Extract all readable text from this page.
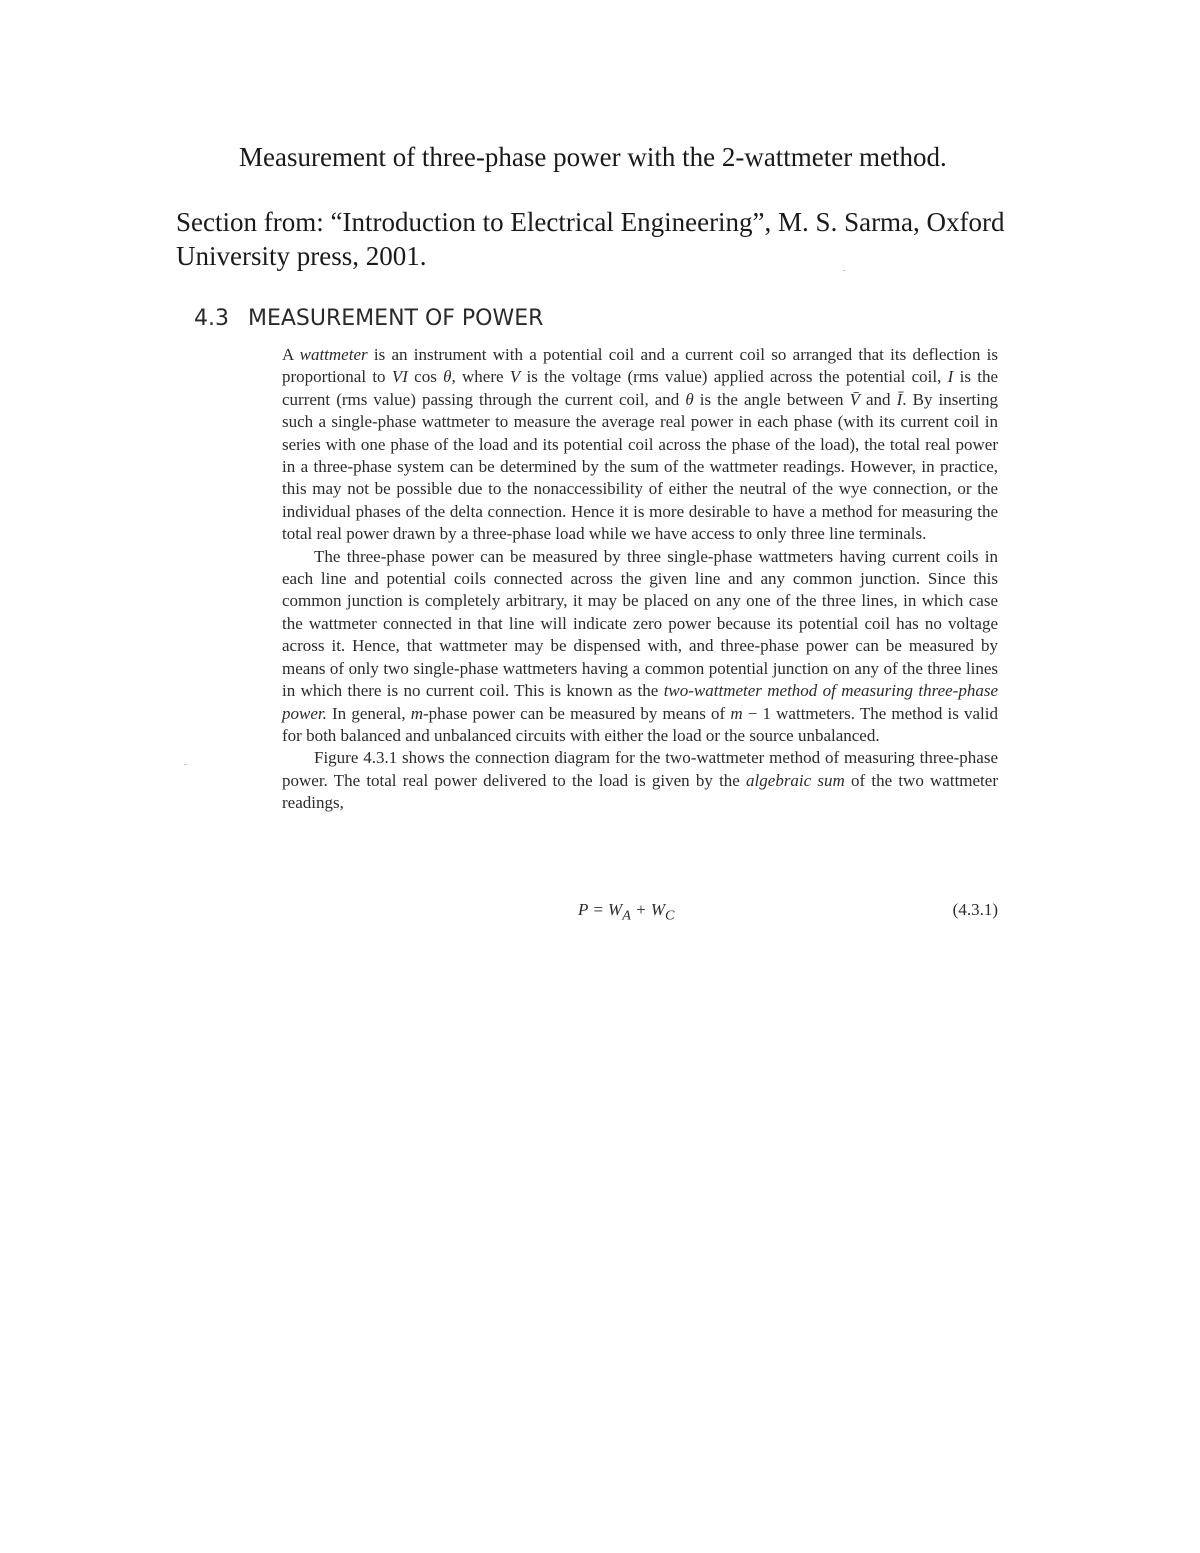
Measurement of three-phase power with the 2-wattmeter method.

Section from: “Introduction to Electrical Engineering”, M. S. Sarma, Oxford University press, 2001.

4.3 MEASUREMENT OF POWER

A wattmeter is an instrument with a potential coil and a current coil so arranged that its deflection is proportional to VI cos θ, where V is the voltage (rms value) applied across the potential coil, I is the current (rms value) passing through the current coil, and θ is the angle between V̄ and Ī. By inserting such a single-phase wattmeter to measure the average real power in each phase (with its current coil in series with one phase of the load and its potential coil across the phase of the load), the total real power in a three-phase system can be determined by the sum of the wattmeter readings. However, in practice, this may not be possible due to the nonaccessibility of either the neutral of the wye connection, or the individual phases of the delta connection. Hence it is more desirable to have a method for measuring the total real power drawn by a three-phase load while we have access to only three line terminals.

The three-phase power can be measured by three single-phase wattmeters having current coils in each line and potential coils connected across the given line and any common junction. Since this common junction is completely arbitrary, it may be placed on any one of the three lines, in which case the wattmeter connected in that line will indicate zero power because its potential coil has no voltage across it. Hence, that wattmeter may be dispensed with, and three-phase power can be measured by means of only two single-phase wattmeters having a common potential junction on any of the three lines in which there is no current coil. This is known as the two-wattmeter method of measuring three-phase power. In general, m-phase power can be measured by means of m − 1 wattmeters. The method is valid for both balanced and unbalanced circuits with either the load or the source unbalanced.

Figure 4.3.1 shows the connection diagram for the two-wattmeter method of measuring three-phase power. The total real power delivered to the load is given by the algebraic sum of the two wattmeter readings,

$P = W_A + W_C$	(4.3.1)
